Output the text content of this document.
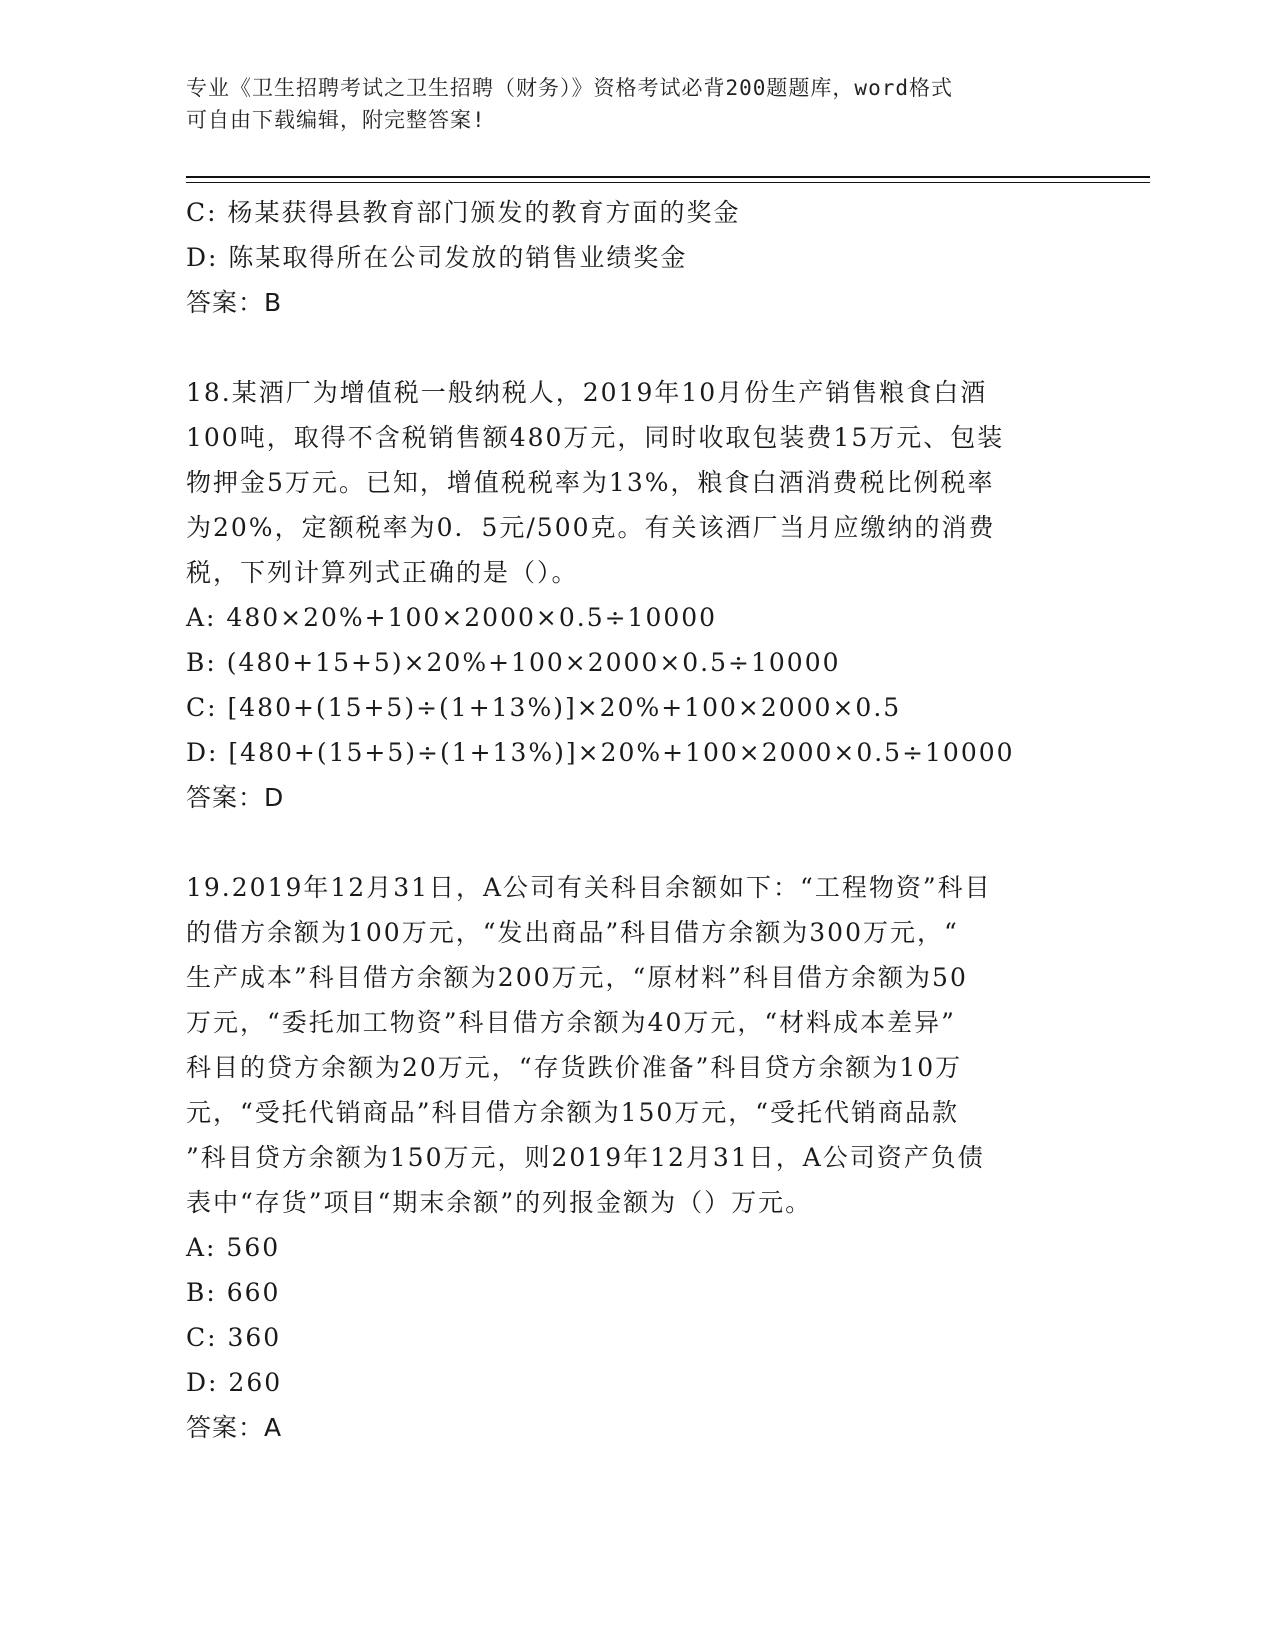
专业《卫生招聘考试之卫生招聘（财务）》资格考试必背200题题库，word格式
可自由下载编辑，附完整答案!
C: 杨某获得县教育部门颁发的教育方面的奖金
D: 陈某取得所在公司发放的销售业绩奖金
答案：B
18.某酒厂为增值税一般纳税人，2019年10月份生产销售粮食白酒
100吨，取得不含税销售额480万元，同时收取包装费15万元、包装
物押金5万元。已知，增值税税率为13%，粮食白酒消费税比例税率
为20%，定额税率为0．5元/500克。有关该酒厂当月应缴纳的消费
税，下列计算列式正确的是（）。
A: 480×20%+100×2000×0.5÷10000
B: (480+15+5)×20%+100×2000×0.5÷10000
C: [480+(15+5)÷(1+13%)]×20%+100×2000×0.5
D: [480+(15+5)÷(1+13%)]×20%+100×2000×0.5÷10000
答案：D
19.2019年12月31日，A公司有关科目余额如下：“工程物资”科目
的借方余额为100万元，“发出商品”科目借方余额为300万元，“
生产成本”科目借方余额为200万元，“原材料”科目借方余额为50
万元，“委托加工物资”科目借方余额为40万元，“材料成本差异”
科目的贷方余额为20万元，“存货跌价准备”科目贷方余额为10万
元，“受托代销商品”科目借方余额为150万元，“受托代销商品款
”科目贷方余额为150万元，则2019年12月31日，A公司资产负债
表中“存货”项目“期末余额”的列报金额为（）万元。
A: 560
B: 660
C: 360
D: 260
答案：A
